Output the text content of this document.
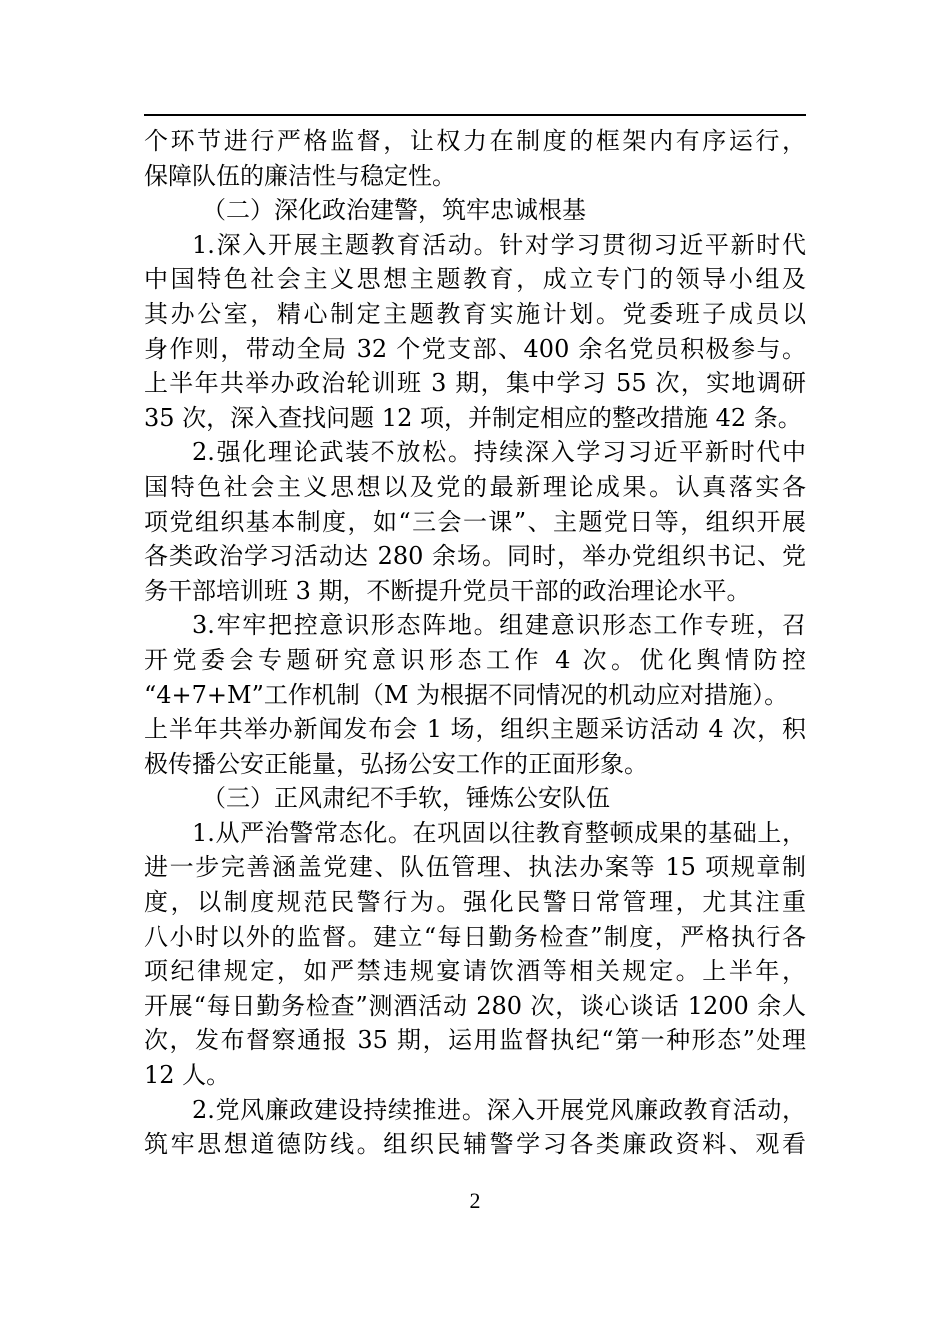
个环节进行严格监督，让权力在制度的框架内有序运行，
保障队伍的廉洁性与稳定性。
（二）深化政治建警，筑牢忠诚根基
1.深入开展主题教育活动。针对学习贯彻习近平新时代
中国特色社会主义思想主题教育，成立专门的领导小组及
其办公室，精心制定主题教育实施计划。党委班子成员以
身作则，带动全局 32 个党支部、400 余名党员积极参与。
上半年共举办政治轮训班 3 期，集中学习 55 次，实地调研
35 次，深入查找问题 12 项，并制定相应的整改措施 42 条。
2.强化理论武装不放松。持续深入学习习近平新时代中
国特色社会主义思想以及党的最新理论成果。认真落实各
项党组织基本制度，如“三会一课”、主题党日等，组织开展
各类政治学习活动达 280 余场。同时，举办党组织书记、党
务干部培训班 3 期，不断提升党员干部的政治理论水平。
3.牢牢把控意识形态阵地。组建意识形态工作专班，召
开党委会专题研究意识形态工作 4 次。优化舆情防控
“4+7+M”工作机制（M 为根据不同情况的机动应对措施）。
上半年共举办新闻发布会 1 场，组织主题采访活动 4 次，积
极传播公安正能量，弘扬公安工作的正面形象。
（三）正风肃纪不手软，锤炼公安队伍
1.从严治警常态化。在巩固以往教育整顿成果的基础上，
进一步完善涵盖党建、队伍管理、执法办案等 15 项规章制
度，以制度规范民警行为。强化民警日常管理，尤其注重
八小时以外的监督。建立“每日勤务检查”制度，严格执行各
项纪律规定，如严禁违规宴请饮酒等相关规定。上半年，
开展“每日勤务检查”测酒活动 280 次，谈心谈话 1200 余人
次，发布督察通报 35 期，运用监督执纪“第一种形态”处理
12 人。
2.党风廉政建设持续推进。深入开展党风廉政教育活动，
筑牢思想道德防线。组织民辅警学习各类廉政资料、观看
2
